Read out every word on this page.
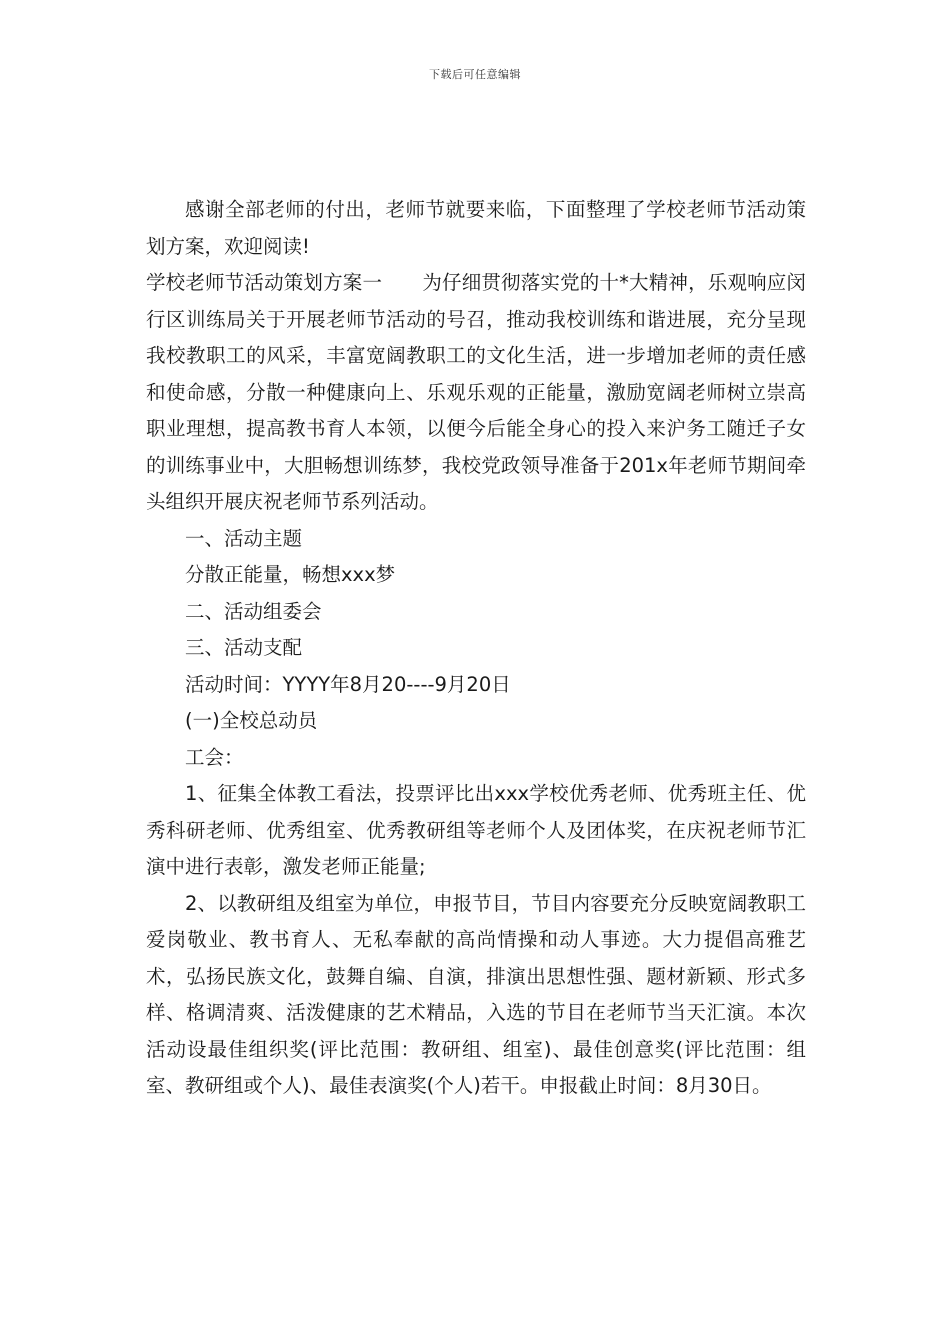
下载后可任意编辑

感谢全部老师的付出，老师节就要来临，下面整理了学校老师节活动策划方案，欢迎阅读!

学校老师节活动策划方案一 为仔细贯彻落实党的十*大精神，乐观响应闵行区训练局关于开展老师节活动的号召，推动我校训练和谐进展，充分呈现我校教职工的风采，丰富宽阔教职工的文化生活，进一步增加老师的责任感和使命感，分散一种健康向上、乐观乐观的正能量，激励宽阔老师树立崇高职业理想，提高教书育人本领，以便今后能全身心的投入来沪务工随迁子女的训练事业中，大胆畅想训练梦，我校党政领导准备于201x年老师节期间牵头组织开展庆祝老师节系列活动。

一、活动主题

分散正能量，畅想xxx梦

二、活动组委会

三、活动支配

活动时间：YYYY年8月20----9月20日

(一)全校总动员

工会：

1、征集全体教工看法，投票评比出xxx学校优秀老师、优秀班主任、优秀科研老师、优秀组室、优秀教研组等老师个人及团体奖，在庆祝老师节汇演中进行表彰，激发老师正能量;

2、以教研组及组室为单位，申报节目，节目内容要充分反映宽阔教职工爱岗敬业、教书育人、无私奉献的高尚情操和动人事迹。大力提倡高雅艺术，弘扬民族文化，鼓舞自编、自演，排演出思想性强、题材新颖、形式多样、格调清爽、活泼健康的艺术精品，入选的节目在老师节当天汇演。本次活动设最佳组织奖(评比范围：教研组、组室)、最佳创意奖(评比范围：组室、教研组或个人)、最佳表演奖(个人)若干。申报截止时间：8月30日。
